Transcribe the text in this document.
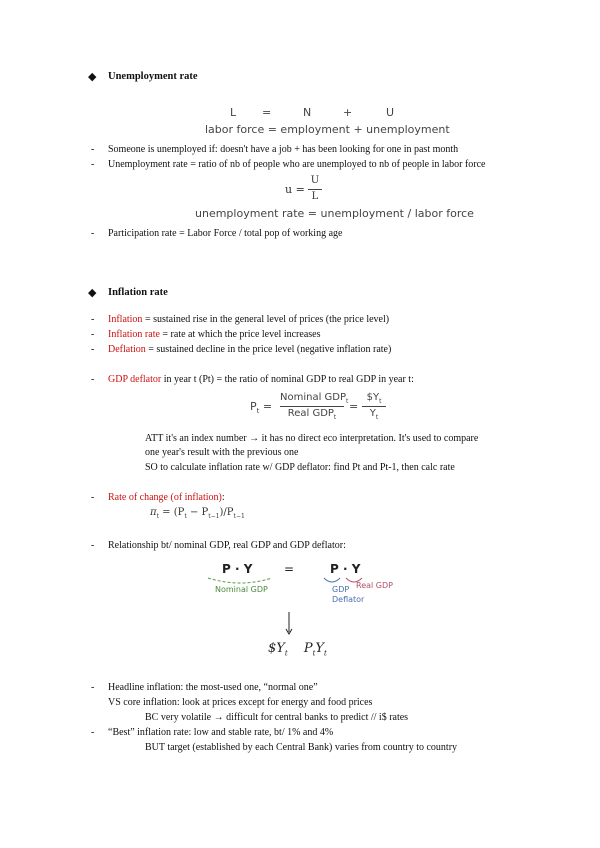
◆ Unemployment rate
L =	N	+	U
labor force = employment + unemployment
- Someone is unemployed if: doesn't have a job + has been looking for one in past month
- Unemployment rate = ratio of nb of people who are unemployed to nb of people in labor force
u =
U
L
unemployment rate = unemployment / labor force
- Participation rate = Labor Force / total pop of working age
◆ Inflation rate
- Inflation = sustained rise in the general level of prices (the price level)
- Inflation rate = rate at which the price level increases
- Deflation = sustained decline in the price level (negative inflation rate)
- GDP deflator in year t (Pt) = the ratio of nominal GDP to real GDP in year t:
$P_t$ =
Nominal $GDP_t$
Real $GDP_t$
=
$\$Y_t$
$Y_t$
ATT it's an index number → it has no direct eco interpretation. It's used to compare
one year's result with the previous one
SO to calculate inflation rate w/ GDP deflator: find Pt and Pt-1, then calc rate
- Rate of change (of inflation):
$\pi_t = (P_t - P_{t-1})/P_{t-1}$
- Relationship bt/ nominal GDP, real GDP and GDP deflator:
P · Y	=	P · Y
Nominal GDP	GDP
Deflator
Real GDP
$\$Y_t$ $P_tY_t$
- Headline inflation: the most-used one, “normal one”
VS core inflation: look at prices except for energy and food prices
BC very volatile → difficult for central banks to predict // i$ rates
- “Best” inflation rate: low and stable rate, bt/ 1% and 4%
BUT target (established by each Central Bank) varies from country to country
